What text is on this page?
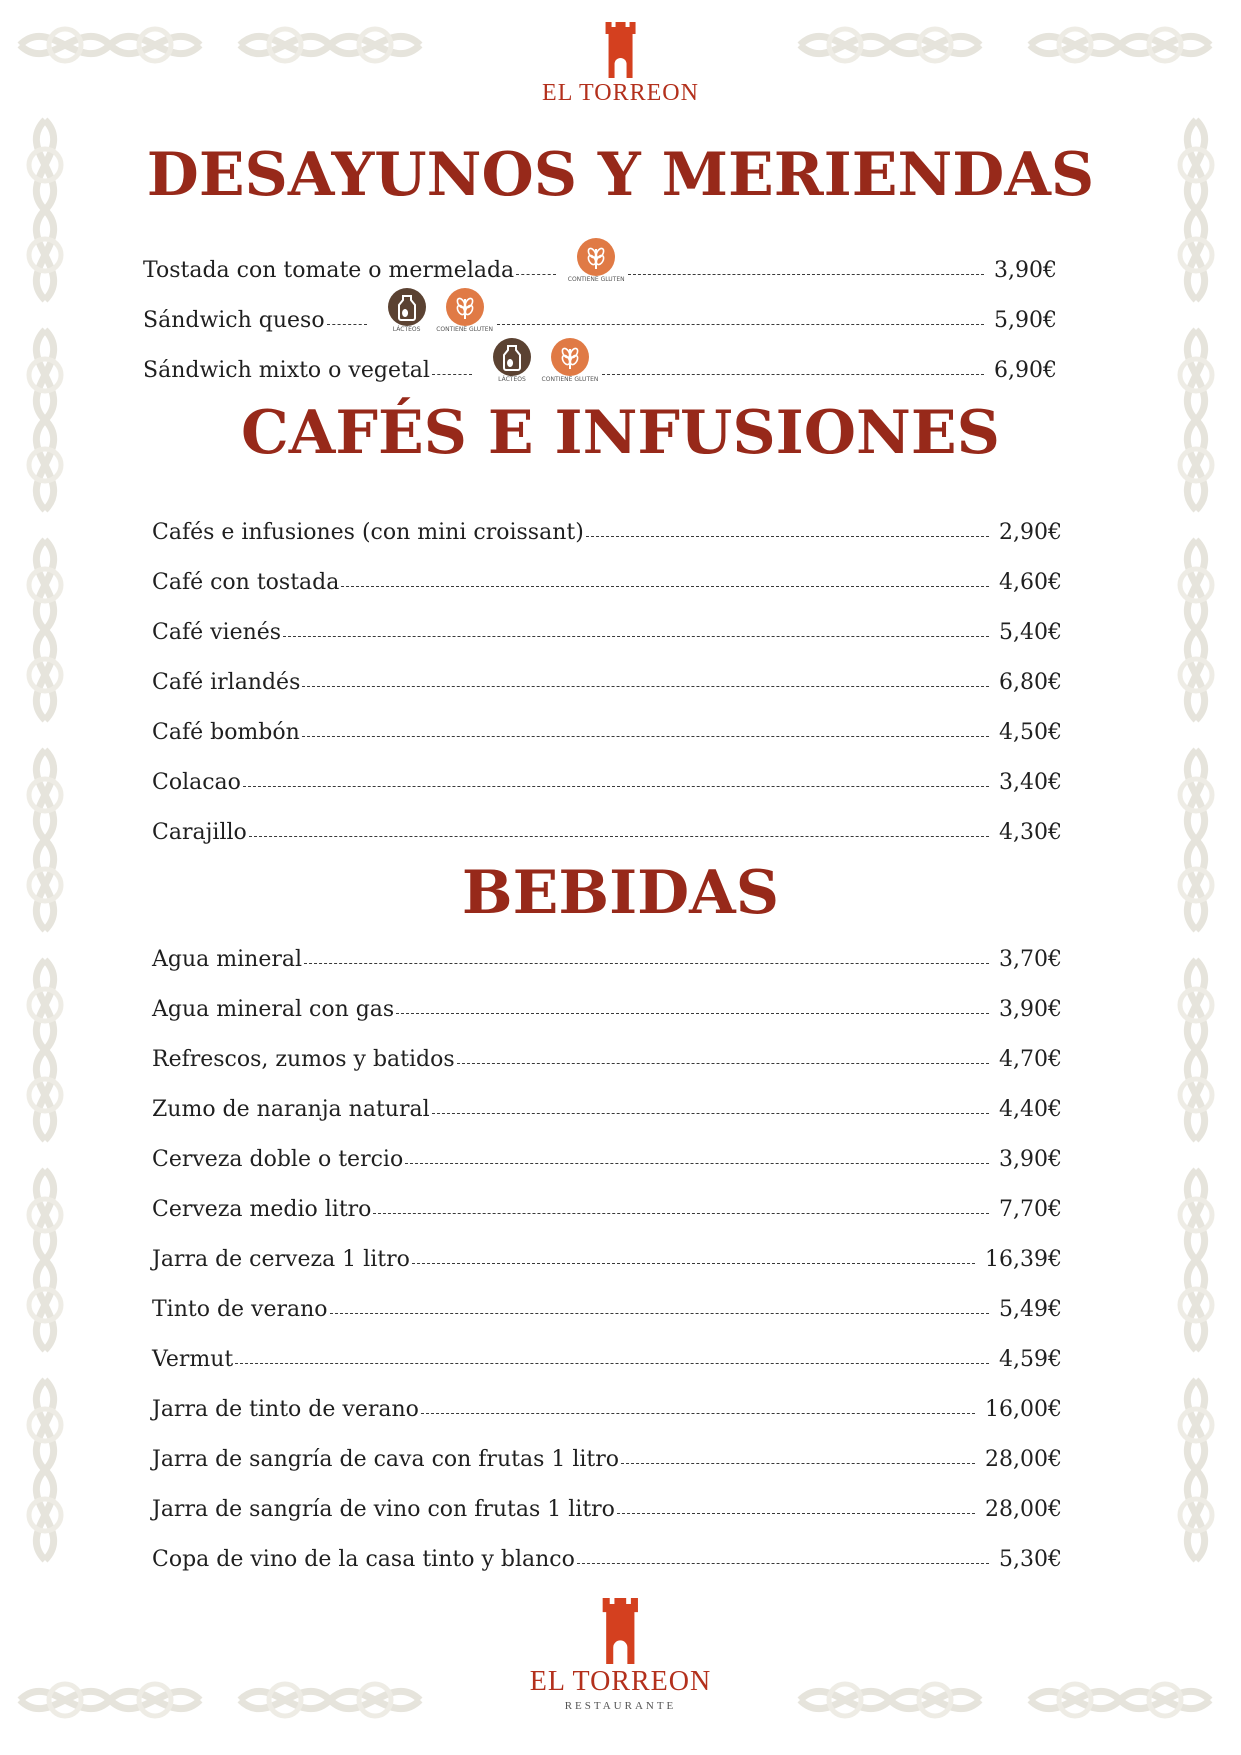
EL TORREON
DESAYUNOS Y MERIENDAS
Tostada con tomate o mermelada	CONTIENE GLUTEN	3,90€
Sándwich queso	LÁCTEOS	CONTIENE GLUTEN	5,90€
Sándwich mixto o vegetal	LÁCTEOS	CONTIENE GLUTEN	6,90€
CAFÉS E INFUSIONES
Cafés e infusiones (con mini croissant)	2,90€
Café con tostada	4,60€
Café vienés	5,40€
Café irlandés	6,80€
Café bombón	4,50€
Colacao	3,40€
Carajillo	4,30€
BEBIDAS
Agua mineral	3,70€
Agua mineral con gas	3,90€
Refrescos, zumos y batidos	4,70€
Zumo de naranja natural	4,40€
Cerveza doble o tercio	3,90€
Cerveza medio litro	7,70€
Jarra de cerveza 1 litro	16,39€
Tinto de verano	5,49€
Vermut	4,59€
Jarra de tinto de verano	16,00€
Jarra de sangría de cava con frutas 1 litro	28,00€
Jarra de sangría de vino con frutas 1 litro	28,00€
Copa de vino de la casa tinto y blanco	5,30€
EL TORREON
RESTAURANTE
